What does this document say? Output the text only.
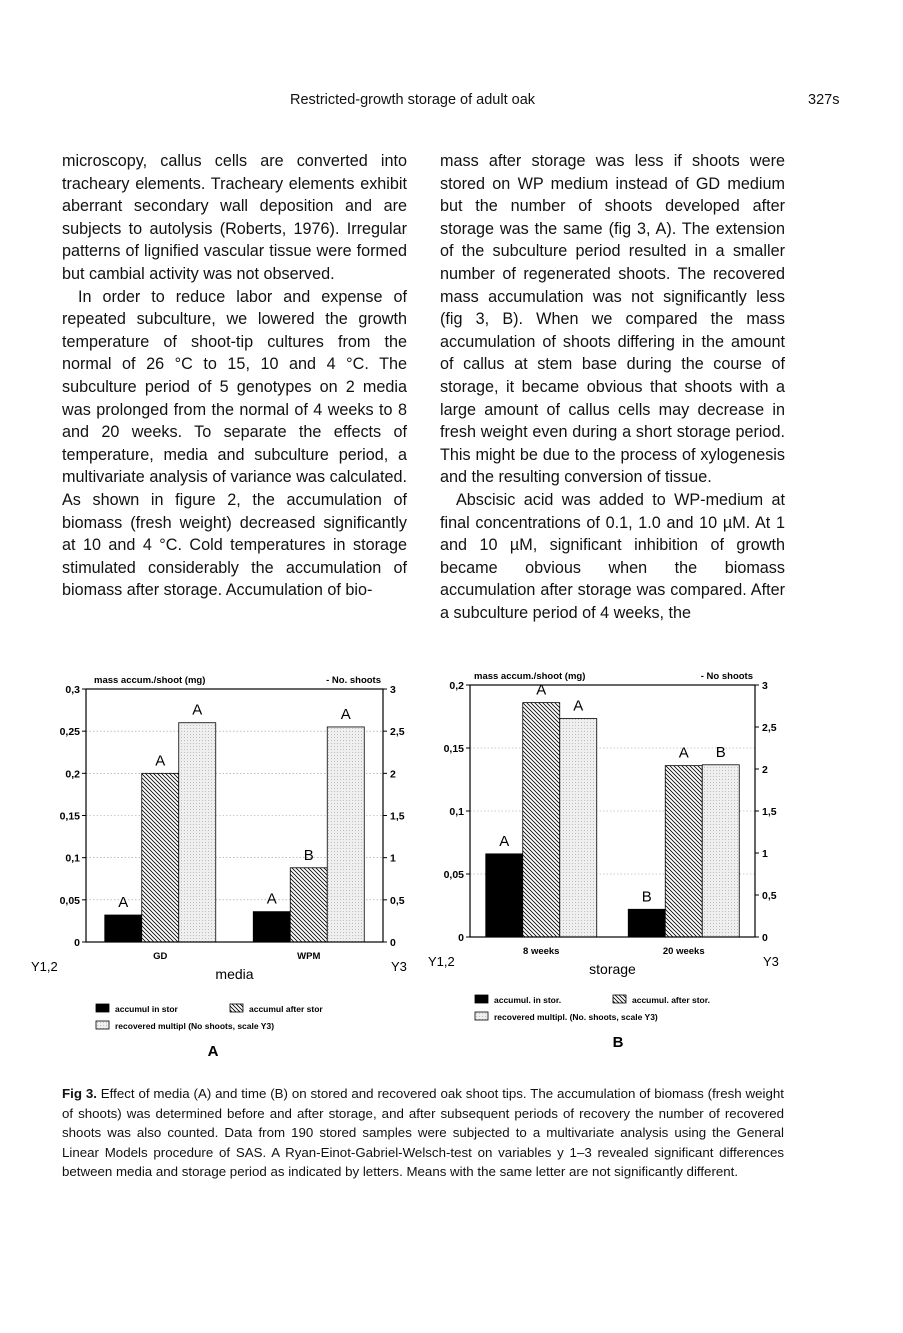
Restricted-growth storage of adult oak	327s

microscopy, callus cells are converted into tracheary elements. Tracheary elements exhibit aberrant secondary wall deposition and are subjects to autolysis (Roberts, 1976). Irregular patterns of lignified vascular tissue were formed but cambial activity was not observed.

In order to reduce labor and expense of repeated subculture, we lowered the growth temperature of shoot-tip cultures from the normal of 26 °C to 15, 10 and 4 °C. The subculture period of 5 genotypes on 2 media was prolonged from the normal of 4 weeks to 8 and 20 weeks. To separate the effects of temperature, media and subculture period, a multivariate analysis of variance was calculated. As shown in figure 2, the accumulation of biomass (fresh weight) decreased significantly at 10 and 4 °C. Cold temperatures in storage stimulated considerably the accumulation of biomass after storage. Accumulation of bio-

mass after storage was less if shoots were stored on WP medium instead of GD medium but the number of shoots developed after storage was the same (fig 3, A). The extension of the subculture period resulted in a smaller number of regenerated shoots. The recovered mass accumulation was not significantly less (fig 3, B). When we compared the mass accumulation of shoots differing in the amount of callus at stem base during the course of storage, it became obvious that shoots with a large amount of callus cells may decrease in fresh weight even during a short storage period. This might be due to the process of xylogenesis and the resulting conversion of tissue.

Abscisic acid was added to WP-medium at final concentrations of 0.1, 1.0 and 10 µM. At 1 and 10 µM, significant inhibition of growth became obvious when the biomass accumulation after storage was compared. After a subculture period of 4 weeks, the

mass accum./shoot (mg)	- No. shoots
0
0,05
0,1
0,15
0,2
0,25
0,3
0
0,5
1
1,5
2
2,5
3
A
A
A
GD
A
B
A
WPM
Y1,2	Y3
media
accumul in stor	accumul after stor
recovered multipl (No shoots, scale Y3)
A
mass accum./shoot (mg)	- No shoots
0
0,05
0,1
0,15
0,2
0
0,5
1
1,5
2
2,5
3
A
A
A
8 weeks
B
A B
20 weeks
Y1,2	Y3
storage
accumul. in stor.	accumul. after stor.
recovered multipl. (No. shoots, scale Y3)
B
Fig 3. Effect of media (A) and time (B) on stored and recovered oak shoot tips. The accumulation of biomass (fresh weight of shoots) was determined before and after storage, and after subsequent periods of recovery the number of recovered shoots was also counted. Data from 190 stored samples were subjected to a multivariate analysis using the General Linear Models procedure of SAS. A Ryan-Einot-Gabriel-Welsch-test on variables y 1–3 revealed significant differences between media and storage period as indicated by letters. Means with the same letter are not significantly different.
